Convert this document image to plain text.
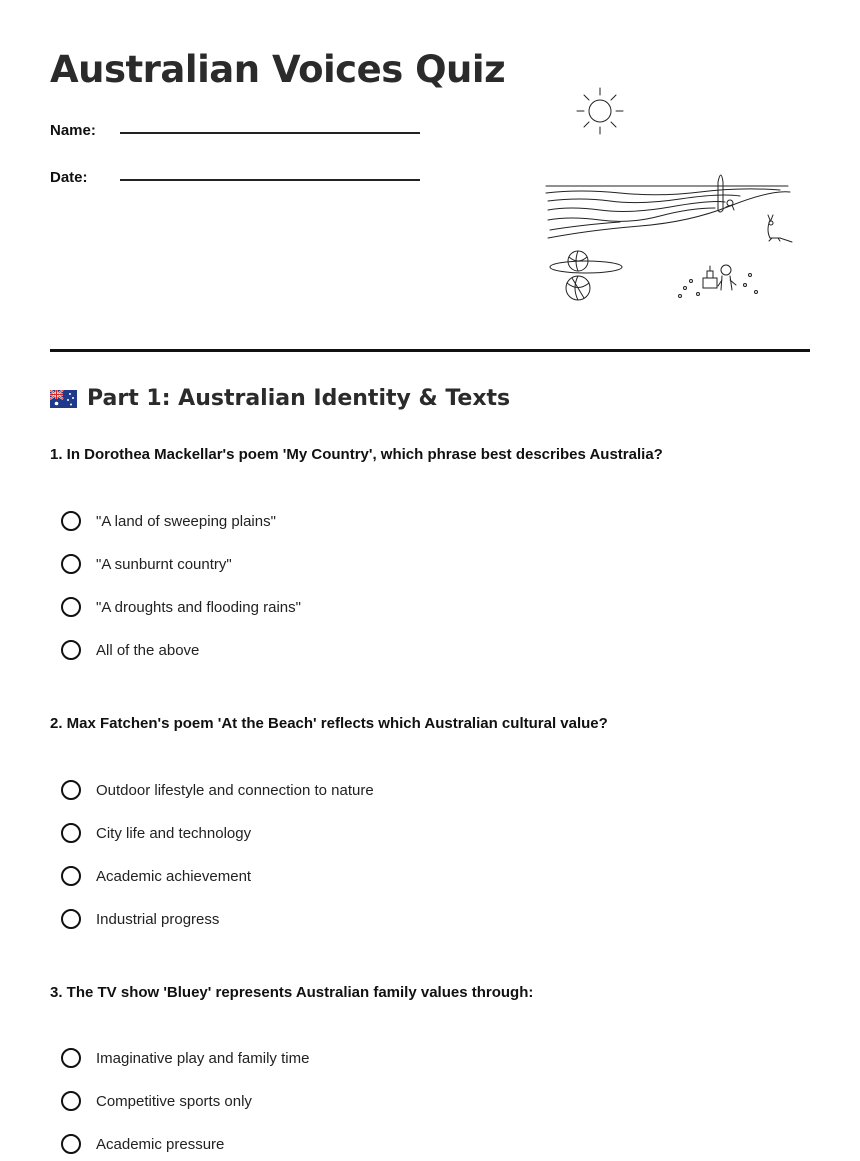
Australian Voices Quiz
Name:
Date:
Part 1: Australian Identity & Texts

1. In Dorothea Mackellar's poem 'My Country', which phrase best describes Australia?

"A land of sweeping plains"
"A sunburnt country"
"A droughts and flooding rains"
All of the above

2. Max Fatchen's poem 'At the Beach' reflects which Australian cultural value?

Outdoor lifestyle and connection to nature
City life and technology
Academic achievement
Industrial progress

3. The TV show 'Bluey' represents Australian family values through:

Imaginative play and family time
Competitive sports only
Academic pressure
